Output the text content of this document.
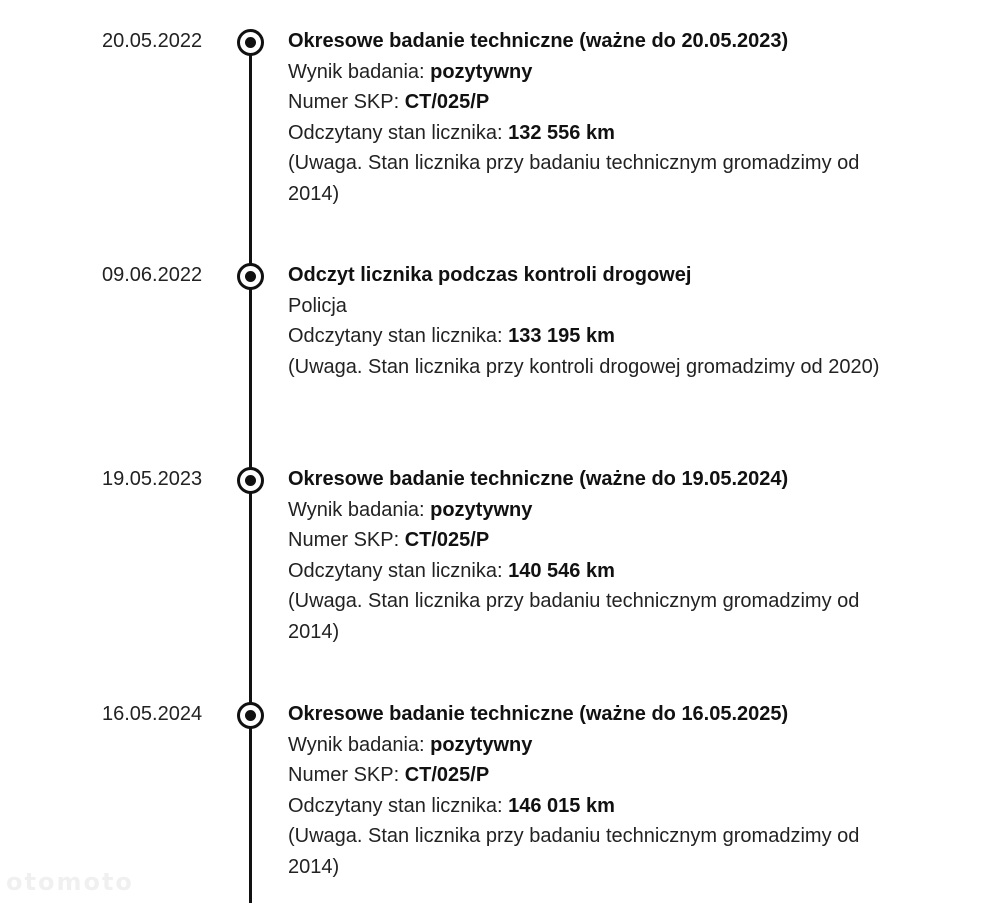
20.05.2022	Okresowe badanie techniczne (ważne do 20.05.2023)
Wynik badania: pozytywny
Numer SKP: CT/025/P
Odczytany stan licznika: 132 556 km
(Uwaga. Stan licznika przy badaniu technicznym gromadzimy od 2014)
09.06.2022	Odczyt licznika podczas kontroli drogowej
Policja
Odczytany stan licznika: 133 195 km
(Uwaga. Stan licznika przy kontroli drogowej gromadzimy od 2020)
19.05.2023	Okresowe badanie techniczne (ważne do 19.05.2024)
Wynik badania: pozytywny
Numer SKP: CT/025/P
Odczytany stan licznika: 140 546 km
(Uwaga. Stan licznika przy badaniu technicznym gromadzimy od 2014)
16.05.2024	Okresowe badanie techniczne (ważne do 16.05.2025)
Wynik badania: pozytywny
Numer SKP: CT/025/P
Odczytany stan licznika: 146 015 km
(Uwaga. Stan licznika przy badaniu technicznym gromadzimy od 2014)
otomoto
